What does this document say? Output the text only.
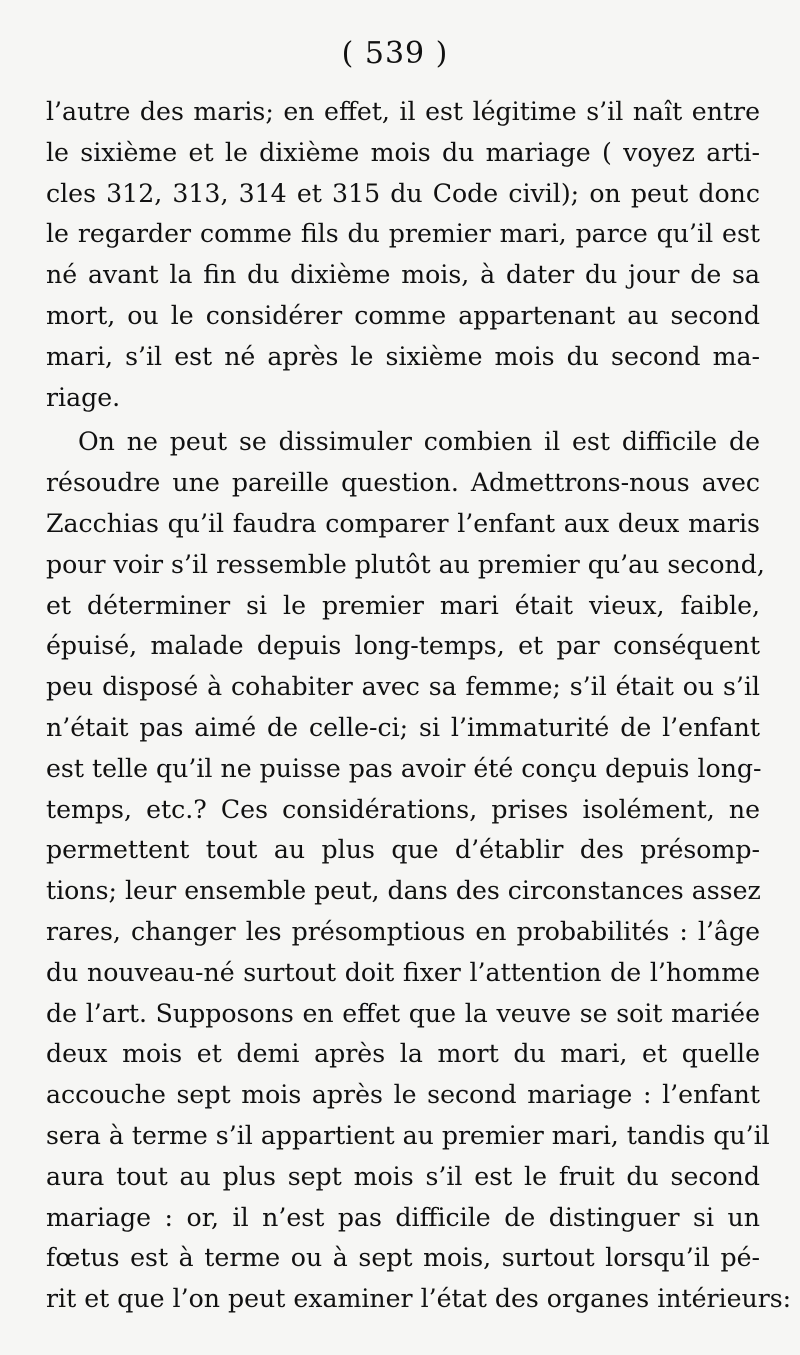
( 539 )
l’autre des maris; en effet, il est légitime s’il naît entre
le sixième et le dixième mois du mariage ( voyez arti-
cles 312, 313, 314 et 315 du Code civil); on peut donc
le regarder comme fils du premier mari, parce qu’il est
né avant la fin du dixième mois, à dater du jour de sa
mort, ou le considérer comme appartenant au second
mari, s’il est né après le sixième mois du second ma-
riage.
On ne peut se dissimuler combien il est difficile de
résoudre une pareille question. Admettrons-nous avec
Zacchias qu’il faudra comparer l’enfant aux deux maris
pour voir s’il ressemble plutôt au premier qu’au second,
et déterminer si le premier mari était vieux, faible,
épuisé, malade depuis long-temps, et par conséquent
peu disposé à cohabiter avec sa femme; s’il était ou s’il
n’était pas aimé de celle-ci; si l’immaturité de l’enfant
est telle qu’il ne puisse pas avoir été conçu depuis long-
temps, etc.? Ces considérations, prises isolément, ne
permettent tout au plus que d’établir des présomp-
tions; leur ensemble peut, dans des circonstances assez
rares, changer les présomptious en probabilités : l’âge
du nouveau-né surtout doit fixer l’attention de l’homme
de l’art. Supposons en effet que la veuve se soit mariée
deux mois et demi après la mort du mari, et quelle
accouche sept mois après le second mariage : l’enfant
sera à terme s’il appartient au premier mari, tandis qu’il
aura tout au plus sept mois s’il est le fruit du second
mariage : or, il n’est pas difficile de distinguer si un
fœtus est à terme ou à sept mois, surtout lorsqu’il pé-
rit et que l’on peut examiner l’état des organes intérieurs:
